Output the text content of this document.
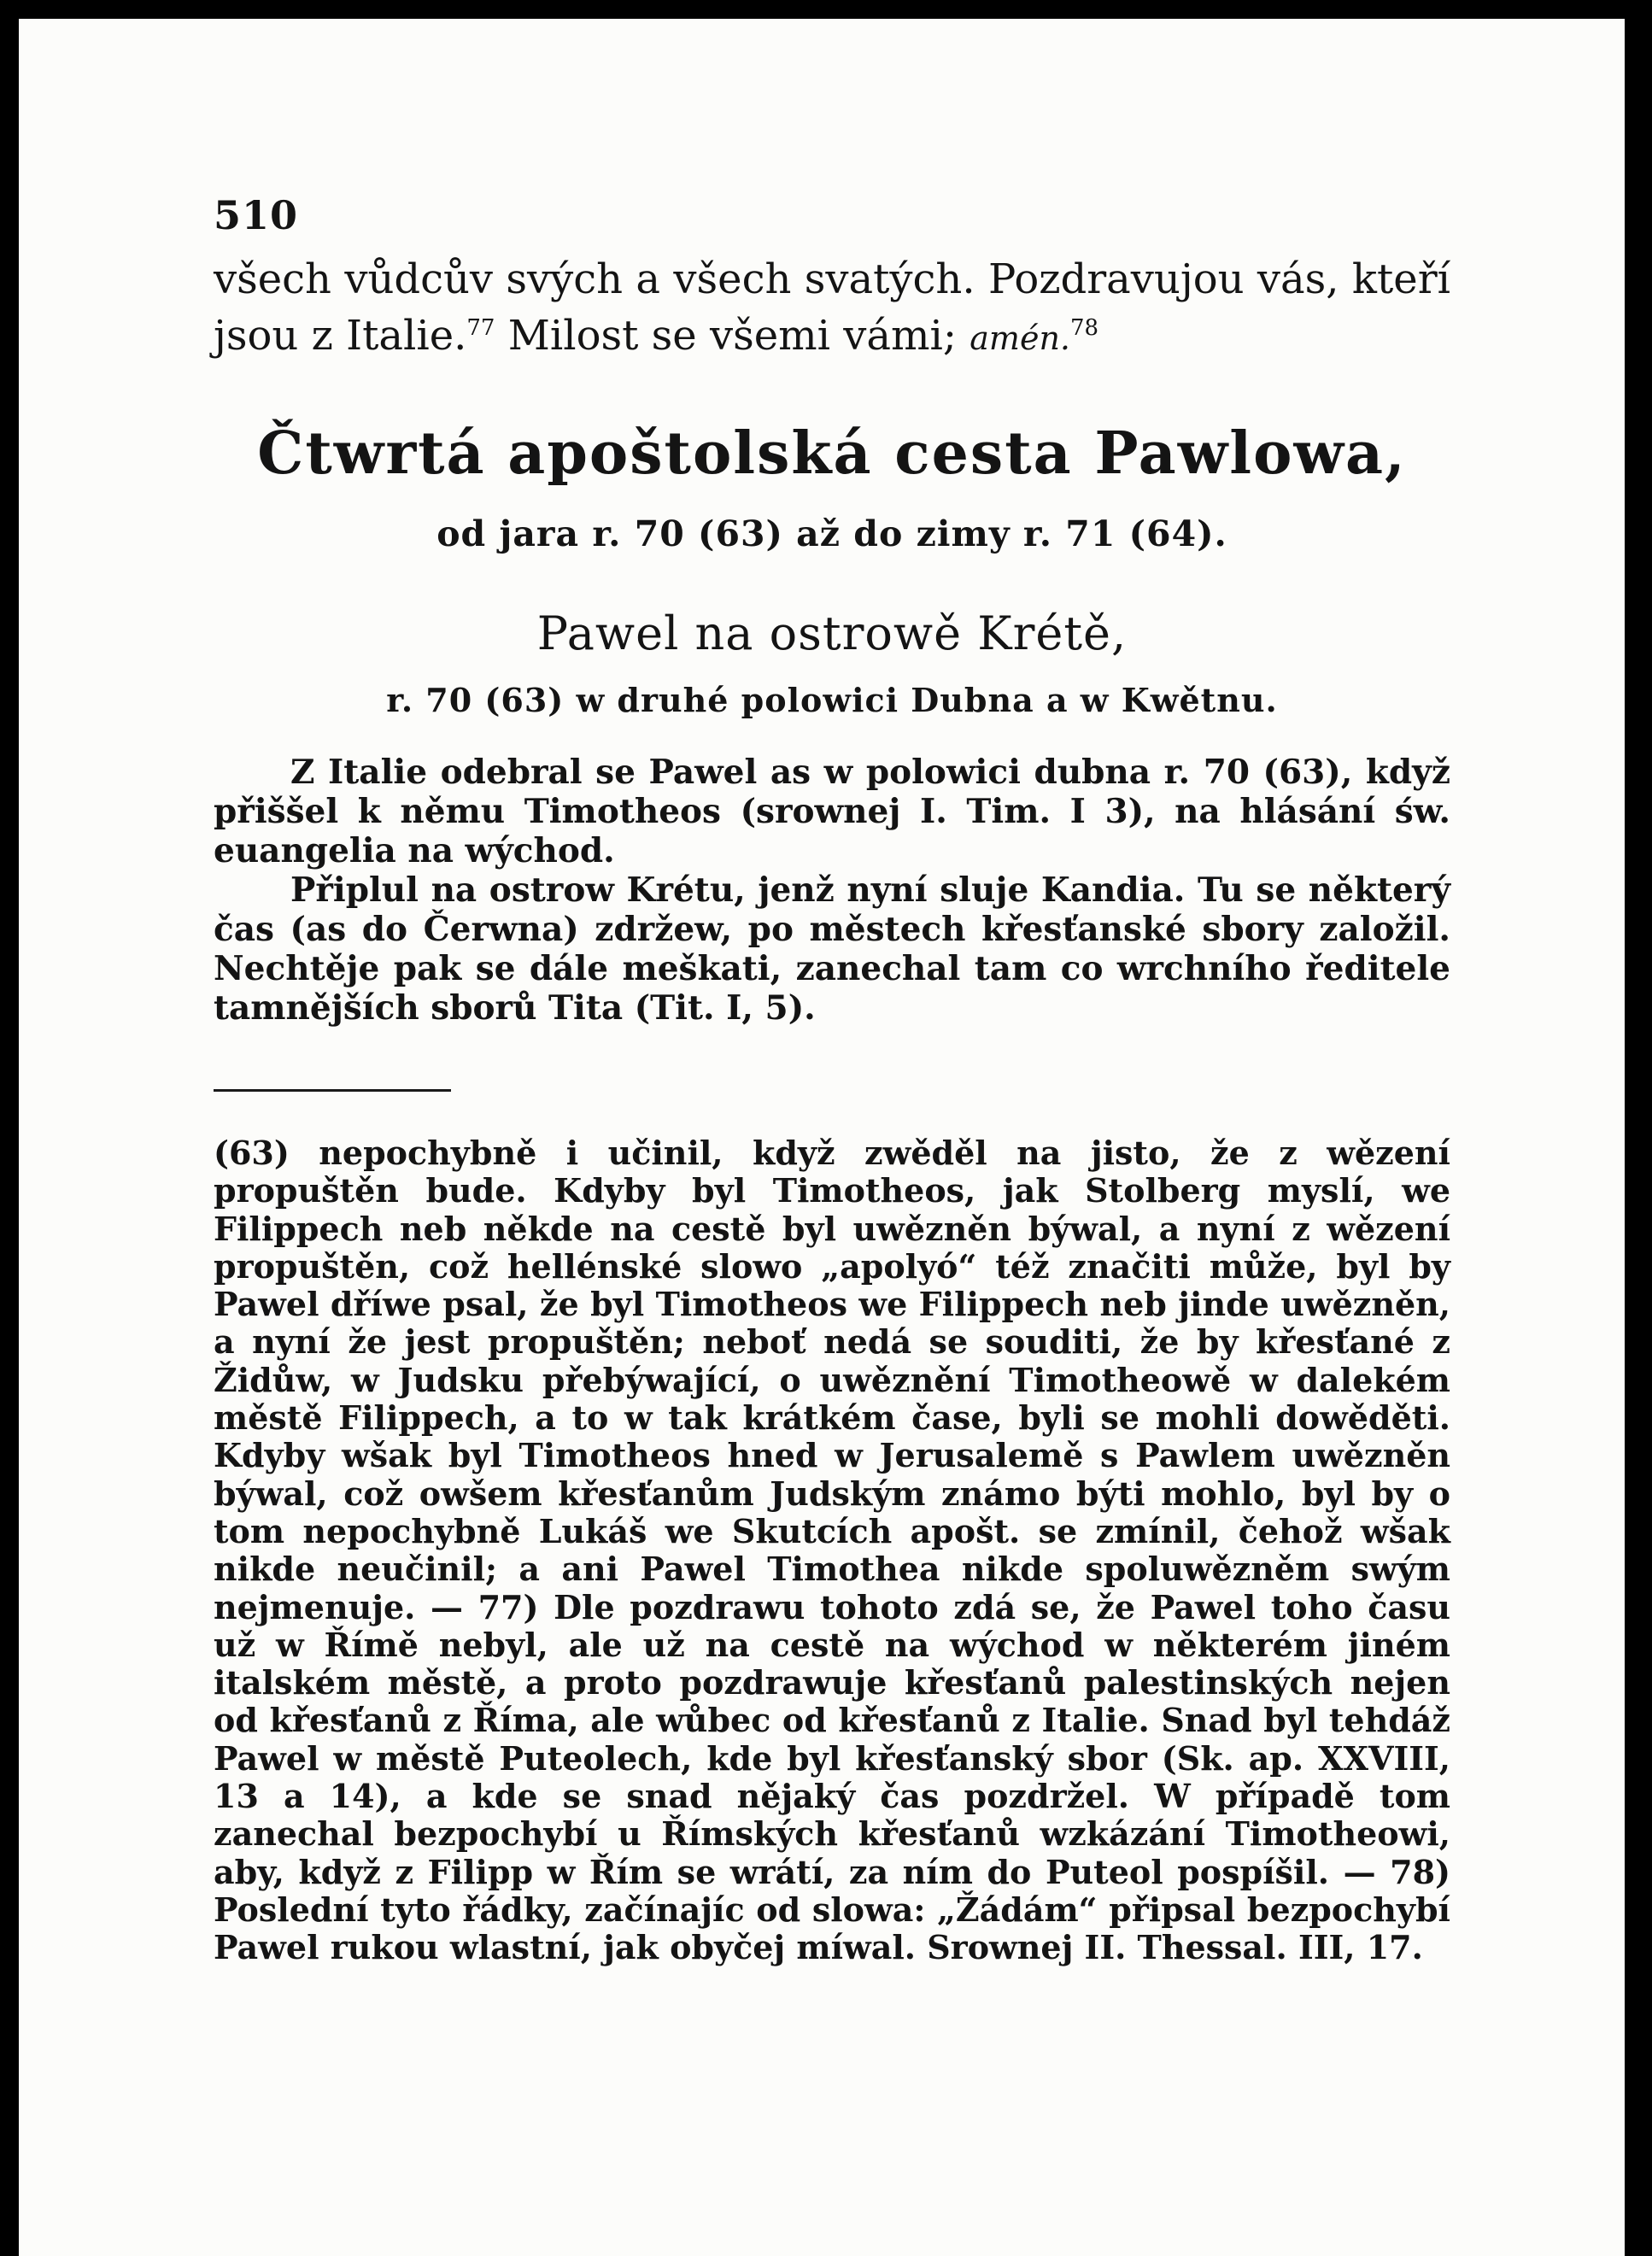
510

všech vůdcův svých a všech svatých. Pozdravujou vás, kteří jsou z Italie.$^{77}$ Milost se všemi vámi; amén.$^{78}$

Čtwrtá apoštolská cesta Pawlowa,
od jara r. 70 (63) až do zimy r. 71 (64).
Pawel na ostrowě Krétě,
r. 70 (63) w druhé polowici Dubna a w Kwětnu.

Z Italie odebral se Pawel as w polowici dubna r. 70 (63), když přiššel k němu Timotheos (srownej I. Tim. I 3), na hlásání św. euangelia na wýchod.

Připlul na ostrow Krétu, jenž nyní sluje Kandia. Tu se některý čas (as do Čerwna) zdržew, po městech křesťanské sbory založil. Nechtěje pak se dále meškati, zanechal tam co wrchního ředitele tamnějších sborů Tita (Tit. I, 5).

(63) nepochybně i učinil, když zwěděl na jisto, že z wězení propuštěn bude. Kdyby byl Timotheos, jak Stolberg myslí, we Filippech neb někde na cestě byl uwězněn býwal, a nyní z wězení propuštěn, což hellénské slowo „apolyó“ též značiti může, byl by Pawel dříwe psal, že byl Timotheos we Filippech neb jinde uwězněn, a nyní že jest propuštěn; neboť nedá se souditi, že by křesťané z Židůw, w Judsku přebýwající, o uwěznění Timotheowě w dalekém městě Filippech, a to w tak krátkém čase, byli se mohli dowěděti. Kdyby wšak byl Timotheos hned w Jerusalemě s Pawlem uwězněn býwal, což owšem křesťanům Judským známo býti mohlo, byl by o tom nepochybně Lukáš we Skutcích apošt. se zmínil, čehož wšak nikde neučinil; a ani Pawel Timothea nikde spoluwězněm swým nejmenuje. — 77) Dle pozdrawu tohoto zdá se, že Pawel toho času už w Římě nebyl, ale už na cestě na wýchod w některém jiném italském městě, a proto pozdrawuje křesťanů palestinských nejen od křesťanů z Říma, ale wůbec od křesťanů z Italie. Snad byl tehdáž Pawel w městě Puteolech, kde byl křesťanský sbor (Sk. ap. XXVIII, 13 a 14), a kde se snad nějaký čas pozdržel. W případě tom zanechal bezpochybí u Římských křesťanů wzkázání Timotheowi, aby, když z Filipp w Řím se wrátí, za ním do Puteol pospíšil. — 78) Poslední tyto řádky, začínajíc od slowa: „Žádám“ připsal bezpochybí Pawel rukou wlastní, jak obyčej míwal. Srownej II. Thessal. III, 17.
